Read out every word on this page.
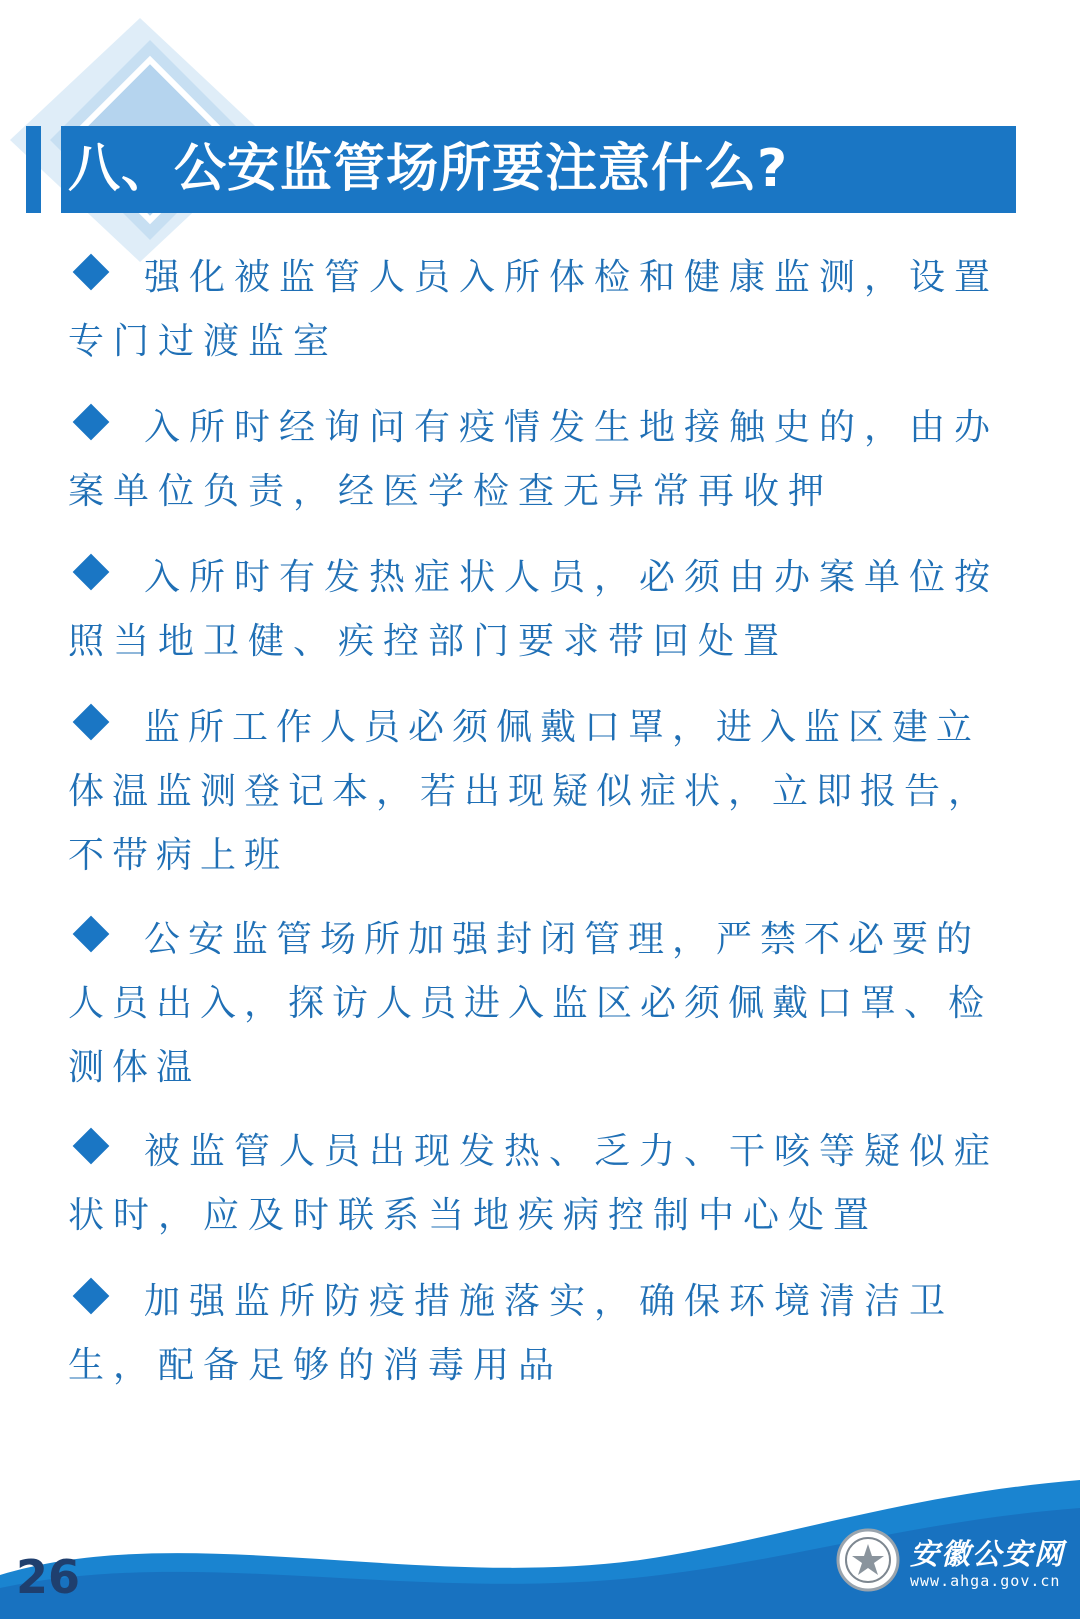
八、公安监管场所要注意什么?
强化被监管人员入所体检和健康监测，设置专门过渡监室
入所时经询问有疫情发生地接触史的，由办案单位负责，经医学检查无异常再收押
入所时有发热症状人员，必须由办案单位按照当地卫健、疾控部门要求带回处置
监所工作人员必须佩戴口罩，进入监区建立体温监测登记本，若出现疑似症状，立即报告，不带病上班
公安监管场所加强封闭管理，严禁不必要的人员出入，探访人员进入监区必须佩戴口罩、检测体温
被监管人员出现发热、乏力、干咳等疑似症状时，应及时联系当地疾病控制中心处置
加强监所防疫措施落实，确保环境清洁卫生，配备足够的消毒用品
26	安徽公安网
www.ahga.gov.cn
